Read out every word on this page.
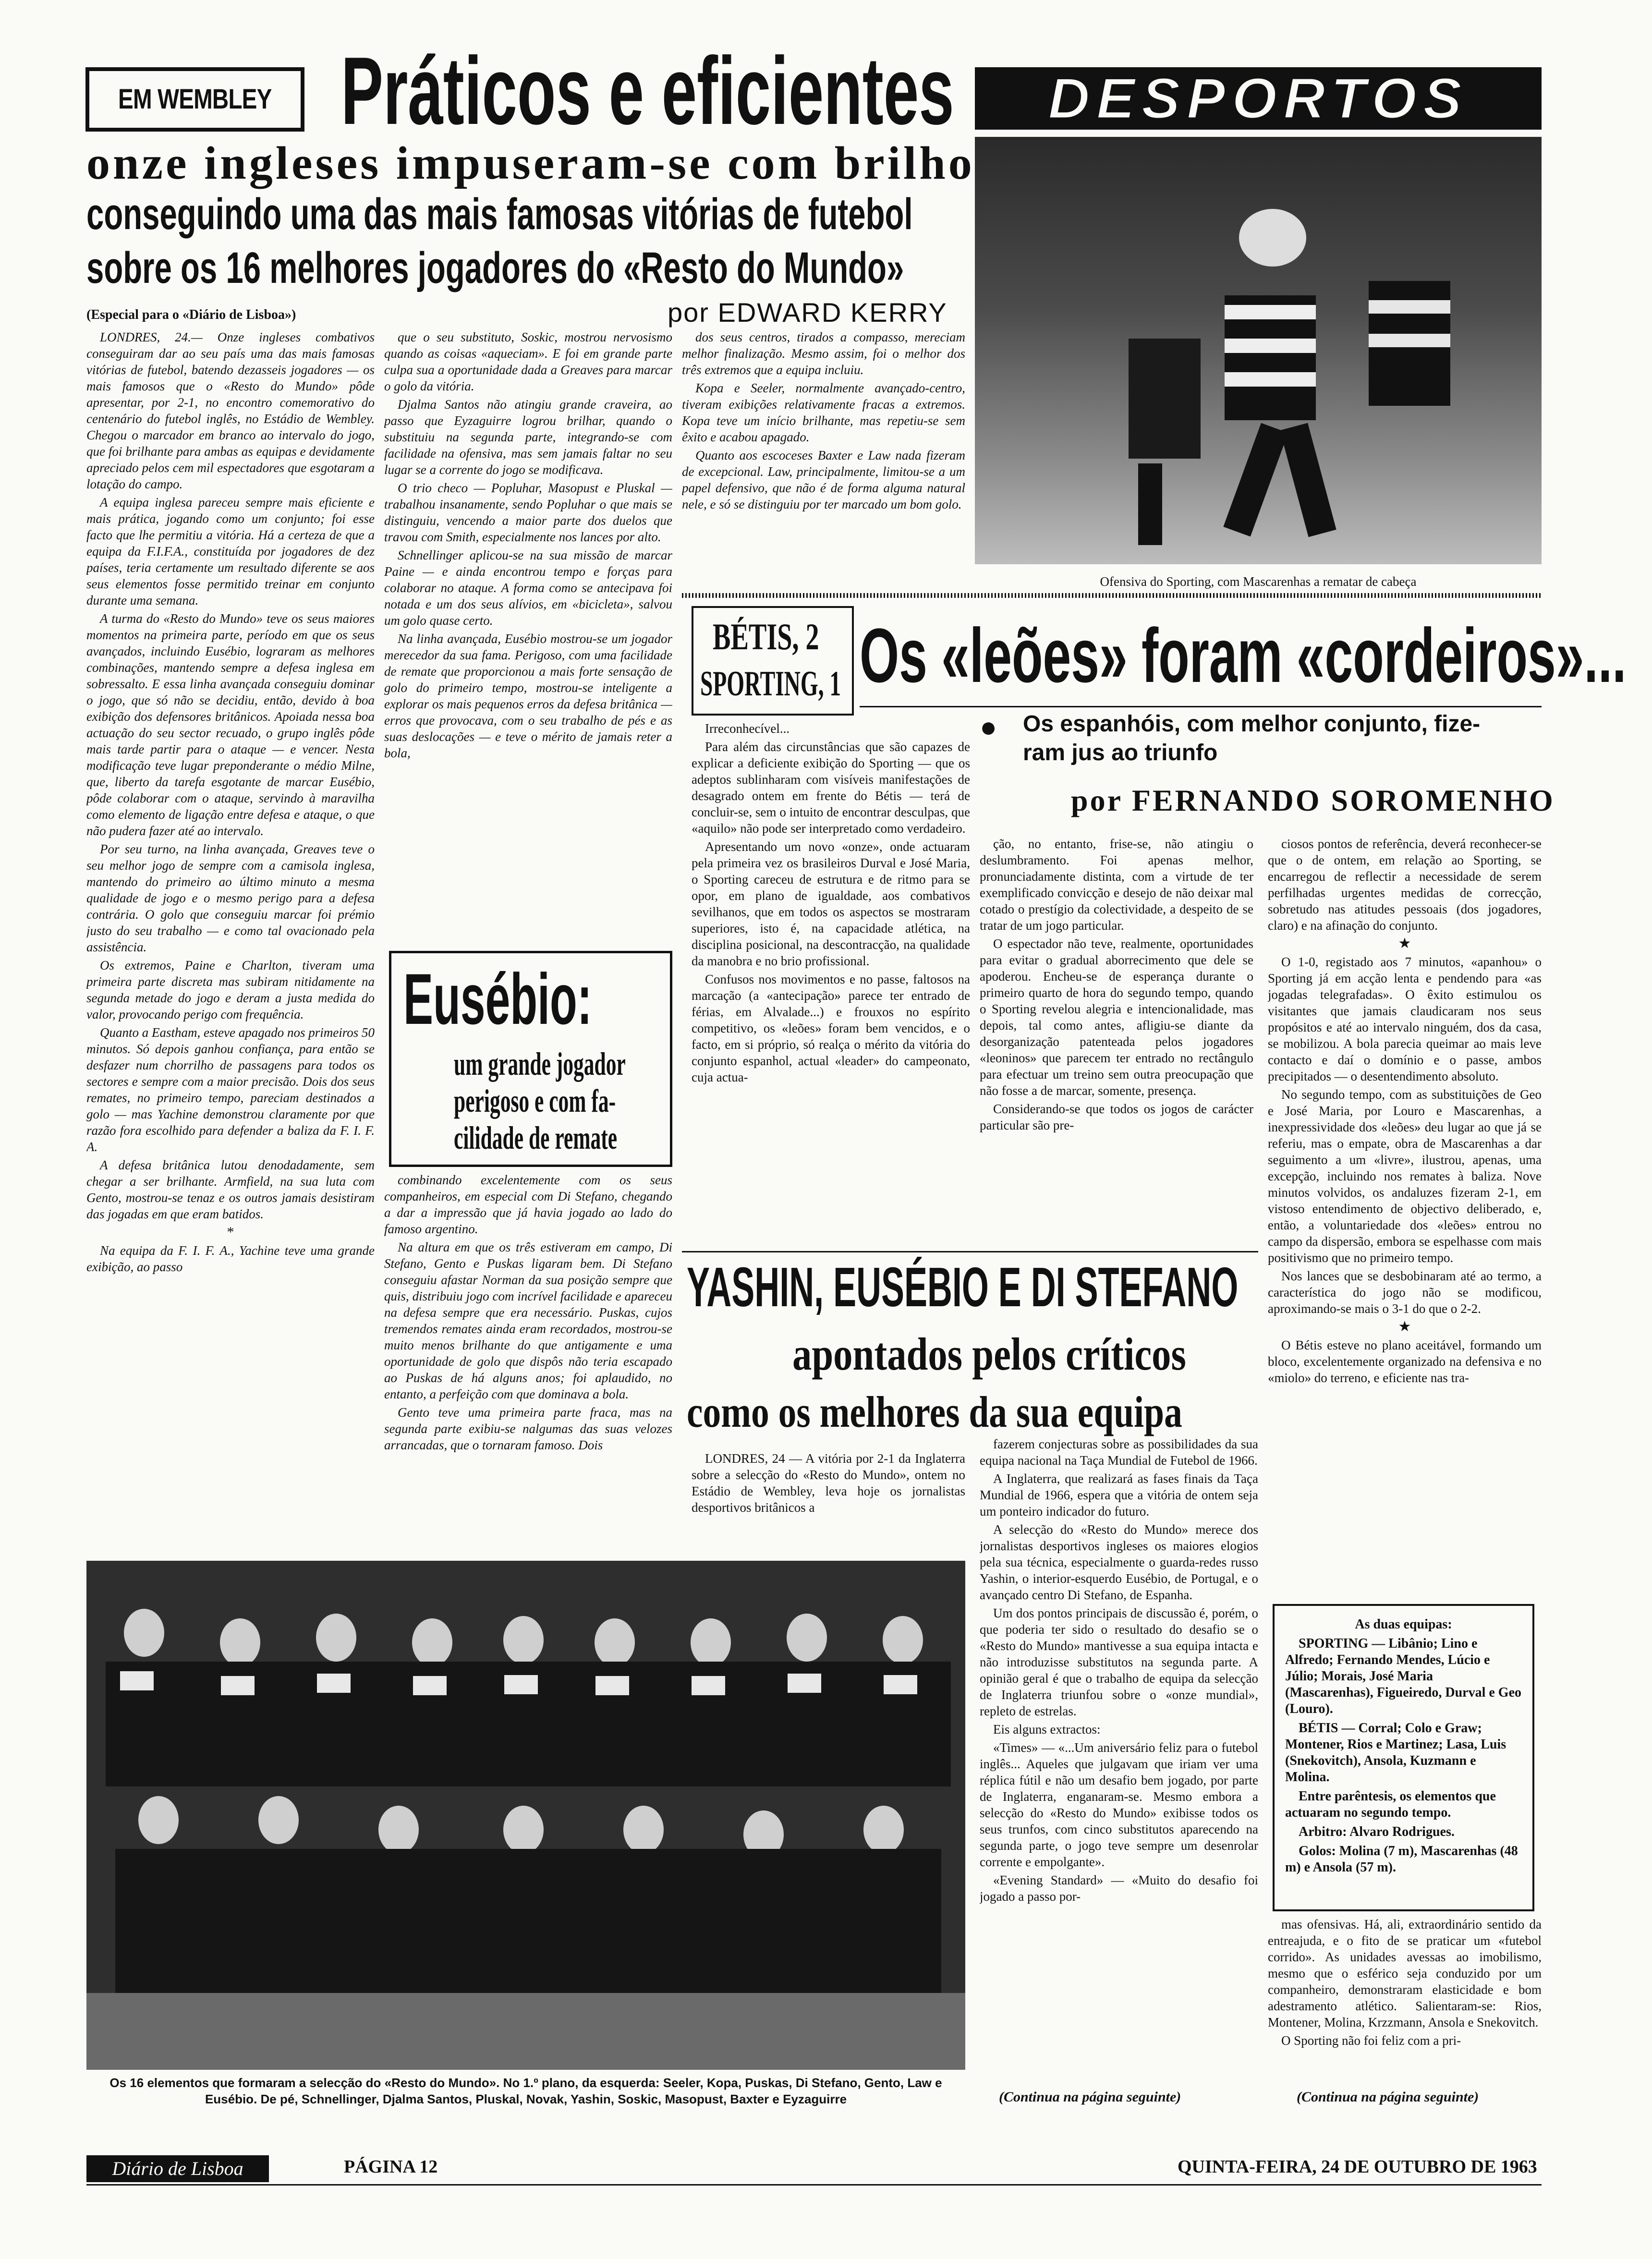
EM WEMBLEY Práticos e eficientes
onze ingleses impuseram-se com brilho
conseguindo uma das mais famosas vitórias de futebol
sobre os 16 melhores jogadores do «Resto do Mundo»
(Especial para o «Diário de Lisboa»)	por EDWARD KERRY
DESPORTOS
Ofensiva do Sporting, com Mascarenhas a rematar de cabeça

LONDRES, 24.— Onze ingleses combativos conseguiram dar ao seu país uma das mais famosas vitórias de futebol, batendo dezasseis jogadores — os mais famosos que o «Resto do Mundo» pôde apresentar, por 2-1, no encontro comemorativo do centenário do futebol inglês, no Estádio de Wembley. Chegou o marcador em branco ao intervalo do jogo, que foi brilhante para ambas as equipas e devidamente apreciado pelos cem mil espectadores que esgotaram a lotação do campo.

A equipa inglesa pareceu sempre mais eficiente e mais prática, jogando como um conjunto; foi esse facto que lhe permitiu a vitória. Há a certeza de que a equipa da F.I.F.A., constituída por jogadores de dez países, teria certamente um resultado diferente se aos seus elementos fosse permitido treinar em conjunto durante uma semana.

A turma do «Resto do Mundo» teve os seus maiores momentos na primeira parte, período em que os seus avançados, incluindo Eusébio, lograram as melhores combinações, mantendo sempre a defesa inglesa em sobressalto. E essa linha avançada conseguiu dominar o jogo, que só não se decidiu, então, devido à boa exibição dos defensores britânicos. Apoiada nessa boa actuação do seu sector recuado, o grupo inglês pôde mais tarde partir para o ataque — e vencer. Nesta modificação teve lugar preponderante o médio Milne, que, liberto da tarefa esgotante de marcar Eusébio, pôde colaborar com o ataque, servindo à maravilha como elemento de ligação entre defesa e ataque, o que não pudera fazer até ao intervalo.

Por seu turno, na linha avançada, Greaves teve o seu melhor jogo de sempre com a camisola inglesa, mantendo do primeiro ao último minuto a mesma qualidade de jogo e o mesmo perigo para a defesa contrária. O golo que conseguiu marcar foi prémio justo do seu trabalho — e como tal ovacionado pela assistência.

Os extremos, Paine e Charlton, tiveram uma primeira parte discreta mas subiram nitidamente na segunda metade do jogo e deram a justa medida do valor, provocando perigo com frequência.

Quanto a Eastham, esteve apagado nos primeiros 50 minutos. Só depois ganhou confiança, para então se desfazer num chorrilho de passagens para todos os sectores e sempre com a maior precisão. Dois dos seus remates, no primeiro tempo, pareciam destinados a golo — mas Yachine demonstrou claramente por que razão fora escolhido para defender a baliza da F. I. F. A.

A defesa britânica lutou denodadamente, sem chegar a ser brilhante. Armfield, na sua luta com Gento, mostrou-se tenaz e os outros jamais desistiram das jogadas em que eram batidos.

*

Na equipa da F. I. F. A., Yachine teve uma grande exibição, ao passo

que o seu substituto, Soskic, mostrou nervosismo quando as coisas «aqueciam». E foi em grande parte culpa sua a oportunidade dada a Greaves para marcar o golo da vitória.

Djalma Santos não atingiu grande craveira, ao passo que Eyzaguirre logrou brilhar, quando o substituiu na segunda parte, integrando-se com facilidade na ofensiva, mas sem jamais faltar no seu lugar se a corrente do jogo se modificava.

O trio checo — Popluhar, Masopust e Pluskal — trabalhou insanamente, sendo Popluhar o que mais se distinguiu, vencendo a maior parte dos duelos que travou com Smith, especialmente nos lances por alto.

Schnellinger aplicou-se na sua missão de marcar Paine — e ainda encontrou tempo e forças para colaborar no ataque. A forma como se antecipava foi notada e um dos seus alívios, em «bicicleta», salvou um golo quase certo.

Na linha avançada, Eusébio mostrou-se um jogador merecedor da sua fama. Perigoso, com uma facilidade de remate que proporcionou a mais forte sensação de golo do primeiro tempo, mostrou-se inteligente a explorar os mais pequenos erros da defesa britânica — erros que provocava, com o seu trabalho de pés e as suas deslocações — e teve o mérito de jamais reter a bola,

dos seus centros, tirados a compasso, mereciam melhor finalização. Mesmo assim, foi o melhor dos três extremos que a equipa incluiu.

Kopa e Seeler, normalmente avançado-centro, tiveram exibições relativamente fracas a extremos. Kopa teve um início brilhante, mas repetiu-se sem êxito e acabou apagado.

Quanto aos escoceses Baxter e Law nada fizeram de excepcional. Law, principalmente, limitou-se a um papel defensivo, que não é de forma alguma natural nele, e só se distinguiu por ter marcado um bom golo.

Eusébio:
um grande jogador
perigoso e com fa-
cilidade de remate

combinando excelentemente com os seus companheiros, em especial com Di Stefano, chegando a dar a impressão que já havia jogado ao lado do famoso argentino.

Na altura em que os três estiveram em campo, Di Stefano, Gento e Puskas ligaram bem. Di Stefano conseguiu afastar Norman da sua posição sempre que quis, distribuiu jogo com incrível facilidade e apareceu na defesa sempre que era necessário. Puskas, cujos tremendos remates ainda eram recordados, mostrou-se muito menos brilhante do que antigamente e uma oportunidade de golo que dispôs não teria escapado ao Puskas de há alguns anos; foi aplaudido, no entanto, a perfeição com que dominava a bola.

Gento teve uma primeira parte fraca, mas na segunda parte exibiu-se nalgumas das suas velozes arrancadas, que o tornaram famoso. Dois

BÉTIS, 2
SPORTING, 1 Os «leões» foram «cordeiros»...
● Os espanhóis, com melhor conjunto, fize-
ram jus ao triunfo
por FERNANDO SOROMENHO

Irreconhecível...

Para além das circunstâncias que são capazes de explicar a deficiente exibição do Sporting — que os adeptos sublinharam com visíveis manifestações de desagrado ontem em frente do Bétis — terá de concluir-se, sem o intuito de encontrar desculpas, que «aquilo» não pode ser interpretado como verdadeiro.

Apresentando um novo «onze», onde actuaram pela primeira vez os brasileiros Durval e José Maria, o Sporting careceu de estrutura e de ritmo para se opor, em plano de igualdade, aos combativos sevilhanos, que em todos os aspectos se mostraram superiores, isto é, na capacidade atlética, na disciplina posicional, na descontracção, na qualidade da manobra e no brio profissional.

Confusos nos movimentos e no passe, faltosos na marcação (a «antecipação» parece ter entrado de férias, em Alvalade...) e frouxos no espírito competitivo, os «leões» foram bem vencidos, e o facto, em si próprio, só realça o mérito da vitória do conjunto espanhol, actual «leader» do campeonato, cuja actua-

ção, no entanto, frise-se, não atingiu o deslumbramento. Foi apenas melhor, pronunciadamente distinta, com a virtude de ter exemplificado convicção e desejo de não deixar mal cotado o prestígio da colectividade, a despeito de se tratar de um jogo particular.

O espectador não teve, realmente, oportunidades para evitar o gradual aborrecimento que dele se apoderou. Encheu-se de esperança durante o primeiro quarto de hora do segundo tempo, quando o Sporting revelou alegria e intencionalidade, mas depois, tal como antes, afligiu-se diante da desorganização patenteada pelos jogadores «leoninos» que parecem ter entrado no rectângulo para efectuar um treino sem outra preocupação que não fosse a de marcar, somente, presença.

Considerando-se que todos os jogos de carácter particular são pre-

ciosos pontos de referência, deverá reconhecer-se que o de ontem, em relação ao Sporting, se encarregou de reflectir a necessidade de serem perfilhadas urgentes medidas de correcção, sobretudo nas atitudes pessoais (dos jogadores, claro) e na afinação do conjunto.

★

O 1-0, registado aos 7 minutos, «apanhou» o Sporting já em acção lenta e pendendo para «as jogadas telegrafadas». O êxito estimulou os visitantes que jamais claudicaram nos seus propósitos e até ao intervalo ninguém, dos da casa, se mobilizou. A bola parecia queimar ao mais leve contacto e daí o domínio e o passe, ambos precipitados — o desentendimento absoluto.

No segundo tempo, com as substituições de Geo e José Maria, por Louro e Mascarenhas, a inexpressividade dos «leões» deu lugar ao que já se referiu, mas o empate, obra de Mascarenhas a dar seguimento a um «livre», ilustrou, apenas, uma excepção, incluindo nos remates à baliza. Nove minutos volvidos, os andaluzes fizeram 2-1, em vistoso entendimento de objectivo deliberado, e, então, a voluntariedade dos «leões» entrou no campo da dispersão, embora se espelhasse com mais positivismo que no primeiro tempo.

Nos lances que se desbobinaram até ao termo, a característica do jogo não se modificou, aproximando-se mais o 3-1 do que o 2-2.

★

O Bétis esteve no plano aceitável, formando um bloco, excelentemente organizado na defensiva e no «miolo» do terreno, e eficiente nas tra-

As duas equipas:
SPORTING — Libânio; Lino e Alfredo; Fernando Mendes, Lúcio e Júlio; Morais, José Maria (Mascarenhas), Figueiredo, Durval e Geo (Louro).
BÉTIS — Corral; Colo e Graw; Montener, Rios e Martinez; Lasa, Luis (Snekovitch), Ansola, Kuzmann e Molina.
Entre parêntesis, os elementos que actuaram no segundo tempo.
Arbitro: Alvaro Rodrigues.
Golos: Molina (7 m), Mascarenhas (48 m) e Ansola (57 m).

mas ofensivas. Há, ali, extraordinário sentido da entreajuda, e o fito de se praticar um «futebol corrido». As unidades avessas ao imobilismo, mesmo que o esférico seja conduzido por um companheiro, demonstraram elasticidade e bom adestramento atlético. Salientaram-se: Rios, Montener, Molina, Krzzmann, Ansola e Snekovitch.

O Sporting não foi feliz com a pri-

(Continua na página seguinte)
YASHIN, EUSÉBIO E DI STEFANO
apontados pelos críticos
como os melhores da sua equipa

LONDRES, 24 — A vitória por 2-1 da Inglaterra sobre a selecção do «Resto do Mundo», ontem no Estádio de Wembley, leva hoje os jornalistas desportivos britânicos a

fazerem conjecturas sobre as possibilidades da sua equipa nacional na Taça Mundial de Futebol de 1966.

A Inglaterra, que realizará as fases finais da Taça Mundial de 1966, espera que a vitória de ontem seja um ponteiro indicador do futuro.

A selecção do «Resto do Mundo» merece dos jornalistas desportivos ingleses os maiores elogios pela sua técnica, especialmente o guarda-redes russo Yashin, o interior-esquerdo Eusébio, de Portugal, e o avançado centro Di Stefano, de Espanha.

Um dos pontos principais de discussão é, porém, o que poderia ter sido o resultado do desafio se o «Resto do Mundo» mantivesse a sua equipa intacta e não introduzisse substitutos na segunda parte. A opinião geral é que o trabalho de equipa da selecção de Inglaterra triunfou sobre o «onze mundial», repleto de estrelas.

Eis alguns extractos:

«Times» — «...Um aniversário feliz para o futebol inglês... Aqueles que julgavam que iriam ver uma réplica fútil e não um desafio bem jogado, por parte de Inglaterra, enganaram-se. Mesmo embora a selecção do «Resto do Mundo» exibisse todos os seus trunfos, com cinco substitutos aparecendo na segunda parte, o jogo teve sempre um desenrolar corrente e empolgante».

«Evening Standard» — «Muito do desafio foi jogado a passo por-

(Continua na página seguinte)
Os 16 elementos que formaram a selecção do «Resto do Mundo». No 1.º plano, da esquerda: Seeler, Kopa, Puskas, Di Stefano, Gento, Law e Eusébio. De pé, Schnellinger, Djalma Santos, Pluskal, Novak, Yashin, Soskic, Masopust, Baxter e Eyzaguirre
Diário de Lisboa	PÁGINA 12	QUINTA-FEIRA, 24 DE OUTUBRO DE 1963
